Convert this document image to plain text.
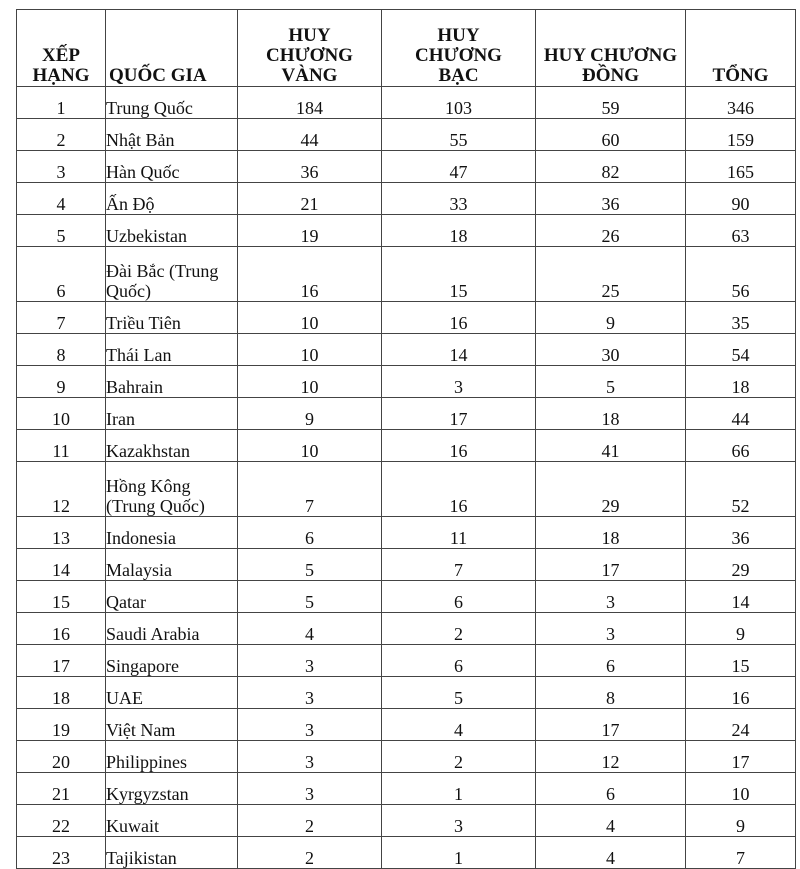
XẾP HẠNG	QUỐC GIA	HUY CHƯƠNG VÀNG	HUY CHƯƠNG BẠC	HUY CHƯƠNG ĐỒNG	TỔNG
1	Trung Quốc	184	103	59	346
2	Nhật Bản	44	55	60	159
3	Hàn Quốc	36	47	82	165
4	Ấn Độ	21	33	36	90
5	Uzbekistan	19	18	26	63
6	Đài Bắc (Trung Quốc)	16	15	25	56
7	Triều Tiên	10	16	9	35
8	Thái Lan	10	14	30	54
9	Bahrain	10	3	5	18
10	Iran	9	17	18	44
11	Kazakhstan	10	16	41	66
12	Hồng Kông (Trung Quốc)	7	16	29	52
13	Indonesia	6	11	18	36
14	Malaysia	5	7	17	29
15	Qatar	5	6	3	14
16	Saudi Arabia	4	2	3	9
17	Singapore	3	6	6	15
18	UAE	3	5	8	16
19	Việt Nam	3	4	17	24
20	Philippines	3	2	12	17
21	Kyrgyzstan	3	1	6	10
22	Kuwait	2	3	4	9
23	Tajikistan	2	1	4	7
